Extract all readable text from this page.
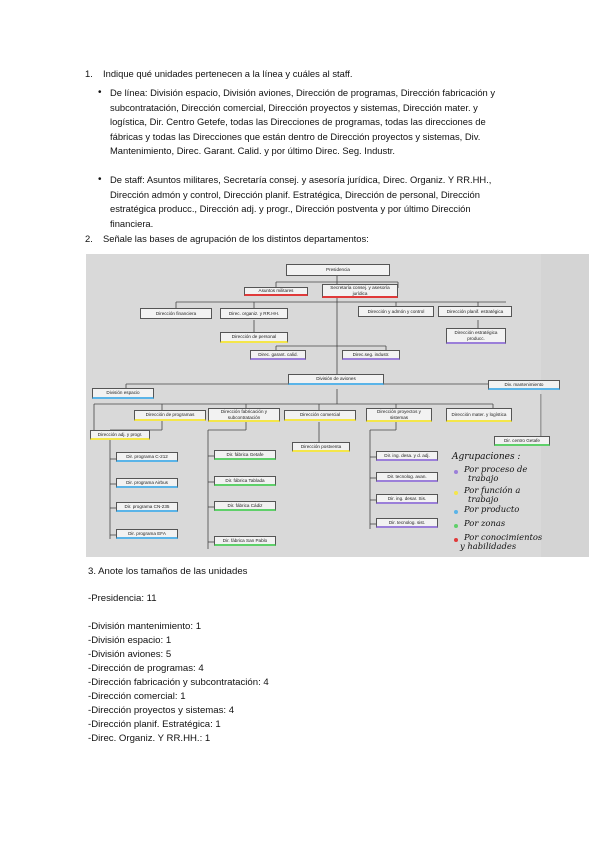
1. Indique qué unidades pertenecen a la línea y cuáles al staff.
• De línea: División espacio, División aviones, Dirección de programas, Dirección fabricación y subcontratación, Dirección comercial, Dirección proyectos y sistemas, Dirección mater. y logística, Dir. Centro Getefe, todas las Direcciones de programas, todas las direcciones de fábricas y todas las Direcciones que están dentro de Dirección proyectos y sistemas, Div. Mantenimiento, Direc. Garant. Calid. y por último Direc. Seg. Industr.
• De staff: Asuntos militares, Secretaría consej. y asesoría jurídica, Direc. Organiz. Y RR.HH., Dirección admón y control, Dirección planif. Estratégica, Dirección de personal, Dirección estratégica producc., Dirección adj. y progr., Dirección postventa y por último Dirección financiera.
2. Señale las bases de agrupación de los distintos departamentos:
Presidencia
Asuntos militares
Secretaría consej. y asesoría jurídica
Dirección financiera	Direc. organiz. y RR.HH.	Dirección y admón y control	Dirección planif. estratégica
Dirección de personal
Dirección estratégica producc.
Direc. garant. calid.	Direc.seg. industr.
División de aviones
División espacio
Div. mantenimiento
Dirección de programas
Dirección fabricación y subcontratación	Dirección comercial
Dirección proyectos y sistemas
Dirección mater. y logística
Dirección adj. y progr.
Dirección postventa
Dir. centro Getafe
Dir. programa C-212
Dir. programa Airbus
Dir. programa CN-235
Dir. programa EFA
Dir. fábrica Getafe
Dir. fábrica Tablada
Dir. fábrica Cádiz
Dir. fábrica San Pablo
Dir. ing. desa. y d. adj.
Dir. tecnolog. avan.
Dir. ing. desar. Sis.
Dir. tecnolog. sist.
Agrupaciones :
Por proceso de
trabajo
Por función a
trabajo
Por producto
Por zonas
Por conocimientos
y habilidades
3. Anote los tamaños de las unidades
-Presidencia: 11
-División mantenimiento: 1
-División espacio: 1
-División aviones: 5
-Dirección de programas: 4
-Dirección fabricación y subcontratación: 4
-Dirección comercial: 1
-Dirección proyectos y sistemas: 4
-Dirección planif. Estratégica: 1
-Direc. Organiz. Y RR.HH.: 1
